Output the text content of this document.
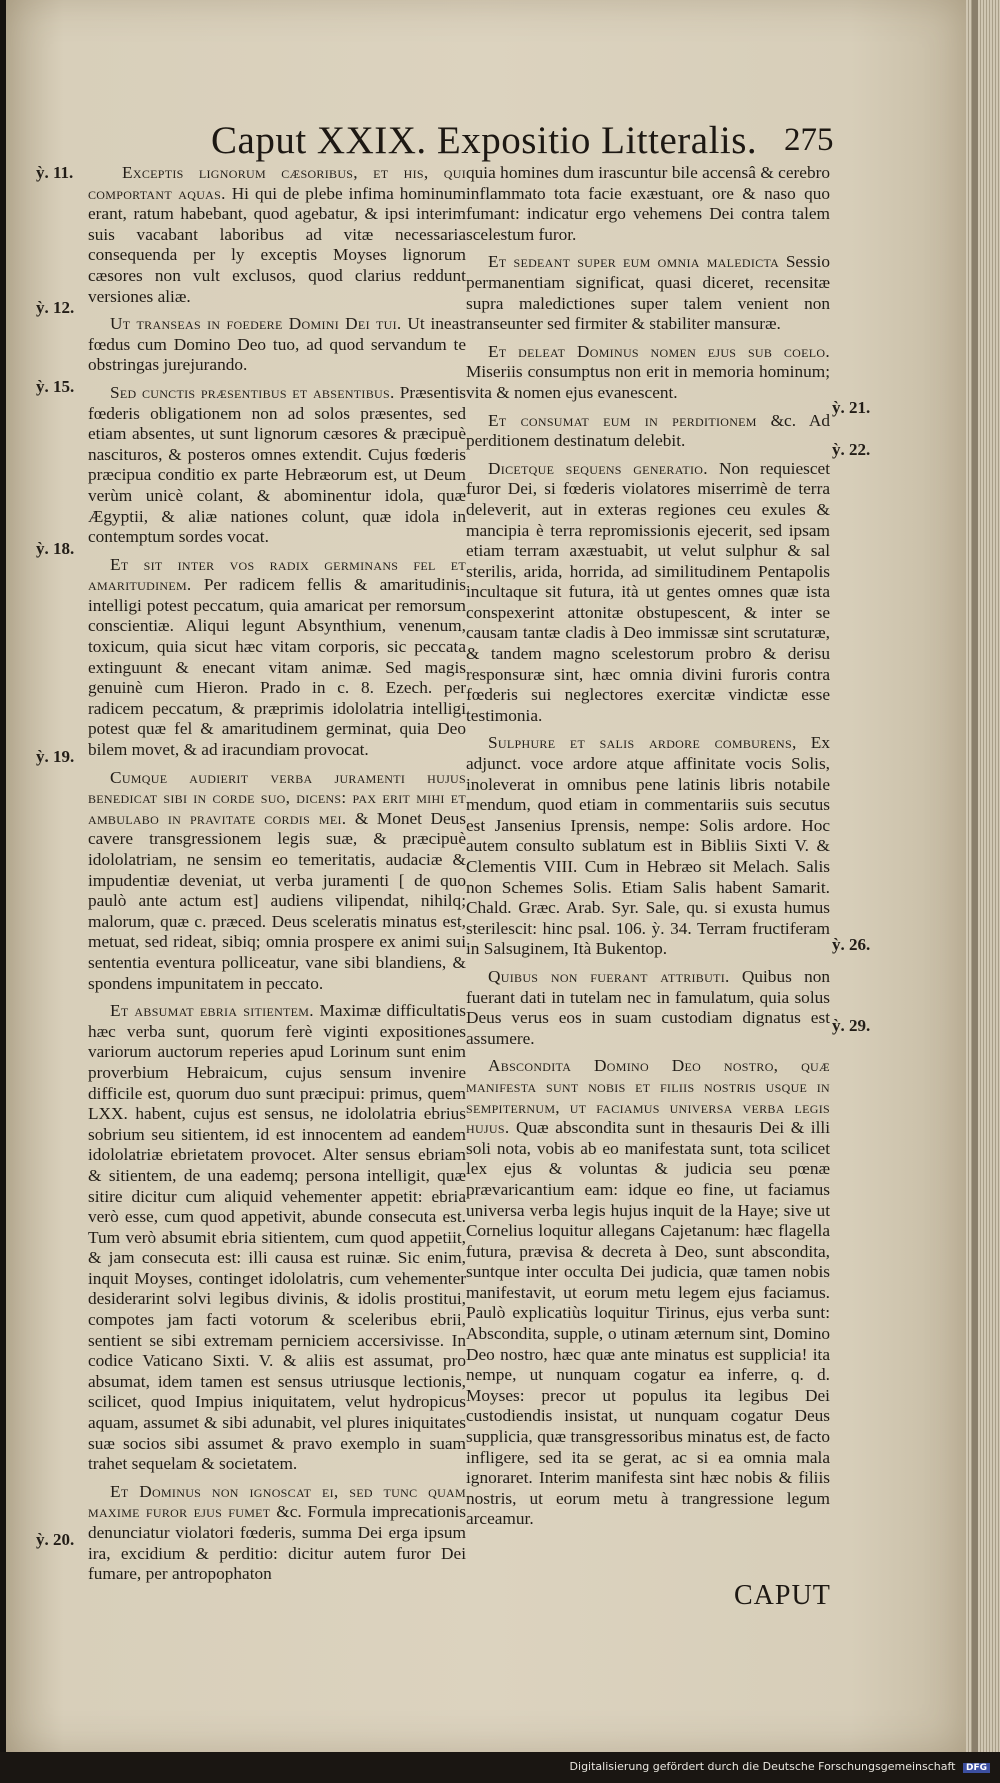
Caput XXIX. Expositio Litteralis. 275
ỳ. 11.
ỳ. 12.
ỳ. 15.
ỳ. 18.
ỳ. 19.
ỳ. 20.
ỳ. 21.
ỳ. 22.
ỳ. 26.
ỳ. 29.

Exceptis lignorum cæsoribus, et his, qui comportant aquas. Hi qui de plebe infima hominum erant, ratum habebant, quod agebatur, & ipsi interim suis vacabant laboribus ad vitæ necessaria consequenda per ly exceptis Moyses lignorum cæsores non vult exclusos, quod clarius reddunt versiones aliæ.

Ut transeas in foedere Domini Dei tui. Ut ineas fœdus cum Domino Deo tuo, ad quod servandum te obstringas jurejurando.

Sed cunctis præsentibus et absentibus. Præsentis fœderis obligationem non ad solos præsentes, sed etiam absentes, ut sunt lignorum cæsores & præcipuè nascituros, & posteros omnes extendit. Cujus fœderis præcipua conditio ex parte Hebræorum est, ut Deum verùm unicè colant, & abominentur idola, quæ Ægyptii, & aliæ nationes colunt, quæ idola in contemptum sordes vocat.

Et sit inter vos radix germinans fel et amaritudinem. Per radicem fellis & amaritudinis intelligi potest peccatum, quia amaricat per remorsum conscientiæ. Aliqui legunt Absynthium, venenum, toxicum, quia sicut hæc vitam corporis, sic peccata extinguunt & enecant vitam animæ. Sed magis genuinè cum Hieron. Prado in c. 8. Ezech. per radicem peccatum, & præprimis idololatria intelligi potest quæ fel & amaritudinem germinat, quia Deo bilem movet, & ad iracundiam provocat.

Cumque audierit verba juramenti hujus benedicat sibi in corde suo, dicens: pax erit mihi et ambulabo in pravitate cordis mei. & Monet Deus cavere transgressionem legis suæ, & præcipuè idololatriam, ne sensim eo temeritatis, audaciæ & impudentiæ deveniat, ut verba juramenti [ de quo paulò ante actum est] audiens vilipendat, nihilq; malorum, quæ c. præced. Deus sceleratis minatus est, metuat, sed rideat, sibiq; omnia prospere ex animi sui sententia eventura polliceatur, vane sibi blandiens, & spondens impunitatem in peccato.

Et absumat ebria sitientem. Maximæ difficultatis hæc verba sunt, quorum ferè viginti expositiones variorum auctorum reperies apud Lorinum sunt enim proverbium Hebraicum, cujus sensum invenire difficile est, quorum duo sunt præcipui: primus, quem LXX. habent, cujus est sensus, ne idololatria ebrius sobrium seu sitientem, id est innocentem ad eandem idololatriæ ebrietatem provocet. Alter sensus ebriam & sitientem, de una eademq; persona intelligit, quæ sitire dicitur cum aliquid vehementer appetit: ebria verò esse, cum quod appetivit, abunde consecuta est. Tum verò absumit ebria sitientem, cum quod appetiit, & jam consecuta est: illi causa est ruinæ. Sic enim, inquit Moyses, continget idololatris, cum vehementer desiderarint solvi legibus divinis, & idolis prostitui, compotes jam facti votorum & sceleribus ebrii, sentient se sibi extremam perniciem accersivisse. In codice Vaticano Sixti. V. & aliis est assumat, pro absumat, idem tamen est sensus utriusque lectionis, scilicet, quod Impius iniquitatem, velut hydropicus aquam, assumet & sibi adunabit, vel plures iniquitates suæ socios sibi assumet & pravo exemplo in suam trahet sequelam & societatem.

Et Dominus non ignoscat ei, sed tunc quam maxime furor ejus fumet &c. Formula imprecationis denunciatur violatori fœderis, summa Dei erga ipsum ira, excidium & perditio: dicitur autem furor Dei fumare, per antropophaton

quia homines dum irascuntur bile accensâ & cerebro inflammato tota facie exæstuant, ore & naso quo fumant: indicatur ergo vehemens Dei contra talem scelestum furor.

Et sedeant super eum omnia maledicta Sessio permanentiam significat, quasi diceret, recensitæ supra maledictiones super talem venient non transeunter sed firmiter & stabiliter mansuræ.

Et deleat Dominus nomen ejus sub coelo. Miseriis consumptus non erit in memoria hominum; vita & nomen ejus evanescent.

Et consumat eum in perditionem &c. Ad perditionem destinatum delebit.

Dicetque sequens generatio. Non requiescet furor Dei, si fœderis violatores miserrimè de terra deleverit, aut in exteras regiones ceu exules & mancipia è terra repromissionis ejecerit, sed ipsam etiam terram axæstuabit, ut velut sulphur & sal sterilis, arida, horrida, ad similitudinem Pentapolis incultaque sit futura, ità ut gentes omnes quæ ista conspexerint attonitæ obstupescent, & inter se causam tantæ cladis à Deo immissæ sint scrutaturæ, & tandem magno scelestorum probro & derisu responsuræ sint, hæc omnia divini furoris contra fœderis sui neglectores exercitæ vindictæ esse testimonia.

Sulphure et salis ardore comburens, Ex adjunct. voce ardore atque affinitate vocis Solis, inoleverat in omnibus pene latinis libris notabile mendum, quod etiam in commentariis suis secutus est Jansenius Iprensis, nempe: Solis ardore. Hoc autem consulto sublatum est in Bibliis Sixti V. & Clementis VIII. Cum in Hebræo sit Melach. Salis non Schemes Solis. Etiam Salis habent Samarit. Chald. Græc. Arab. Syr. Sale, qu. si exusta humus sterilescit: hinc psal. 106. ỳ. 34. Terram fructiferam in Salsuginem, Ità Bukentop.

Quibus non fuerant attributi. Quibus non fuerant dati in tutelam nec in famulatum, quia solus Deus verus eos in suam custodiam dignatus est assumere.

Abscondita Domino Deo nostro, quæ manifesta sunt nobis et filiis nostris usque in sempiternum, ut faciamus universa verba legis hujus. Quæ abscondita sunt in thesauris Dei & illi soli nota, vobis ab eo manifestata sunt, tota scilicet lex ejus & voluntas & judicia seu pœnæ prævaricantium eam: idque eo fine, ut faciamus universa verba legis hujus inquit de la Haye; sive ut Cornelius loquitur allegans Cajetanum: hæc flagella futura, prævisa & decreta à Deo, sunt abscondita, suntque inter occulta Dei judicia, quæ tamen nobis manifestavit, ut eorum metu legem ejus faciamus. Paulò explicatiùs loquitur Tirinus, ejus verba sunt: Abscondita, supple, o utinam æternum sint, Domino Deo nostro, hæc quæ ante minatus est supplicia! ita nempe, ut nunquam cogatur ea inferre, q. d. Moyses: precor ut populus ita legibus Dei custodiendis insistat, ut nunquam cogatur Deus supplicia, quæ transgressoribus minatus est, de facto infligere, sed ita se gerat, ac si ea omnia mala ignoraret. Interim manifesta sint hæc nobis & filiis nostris, ut eorum metu à trangressione legum arceamur.

CAPUT
Digitalisierung gefördert durch die Deutsche Forschungsgemeinschaft DFG
